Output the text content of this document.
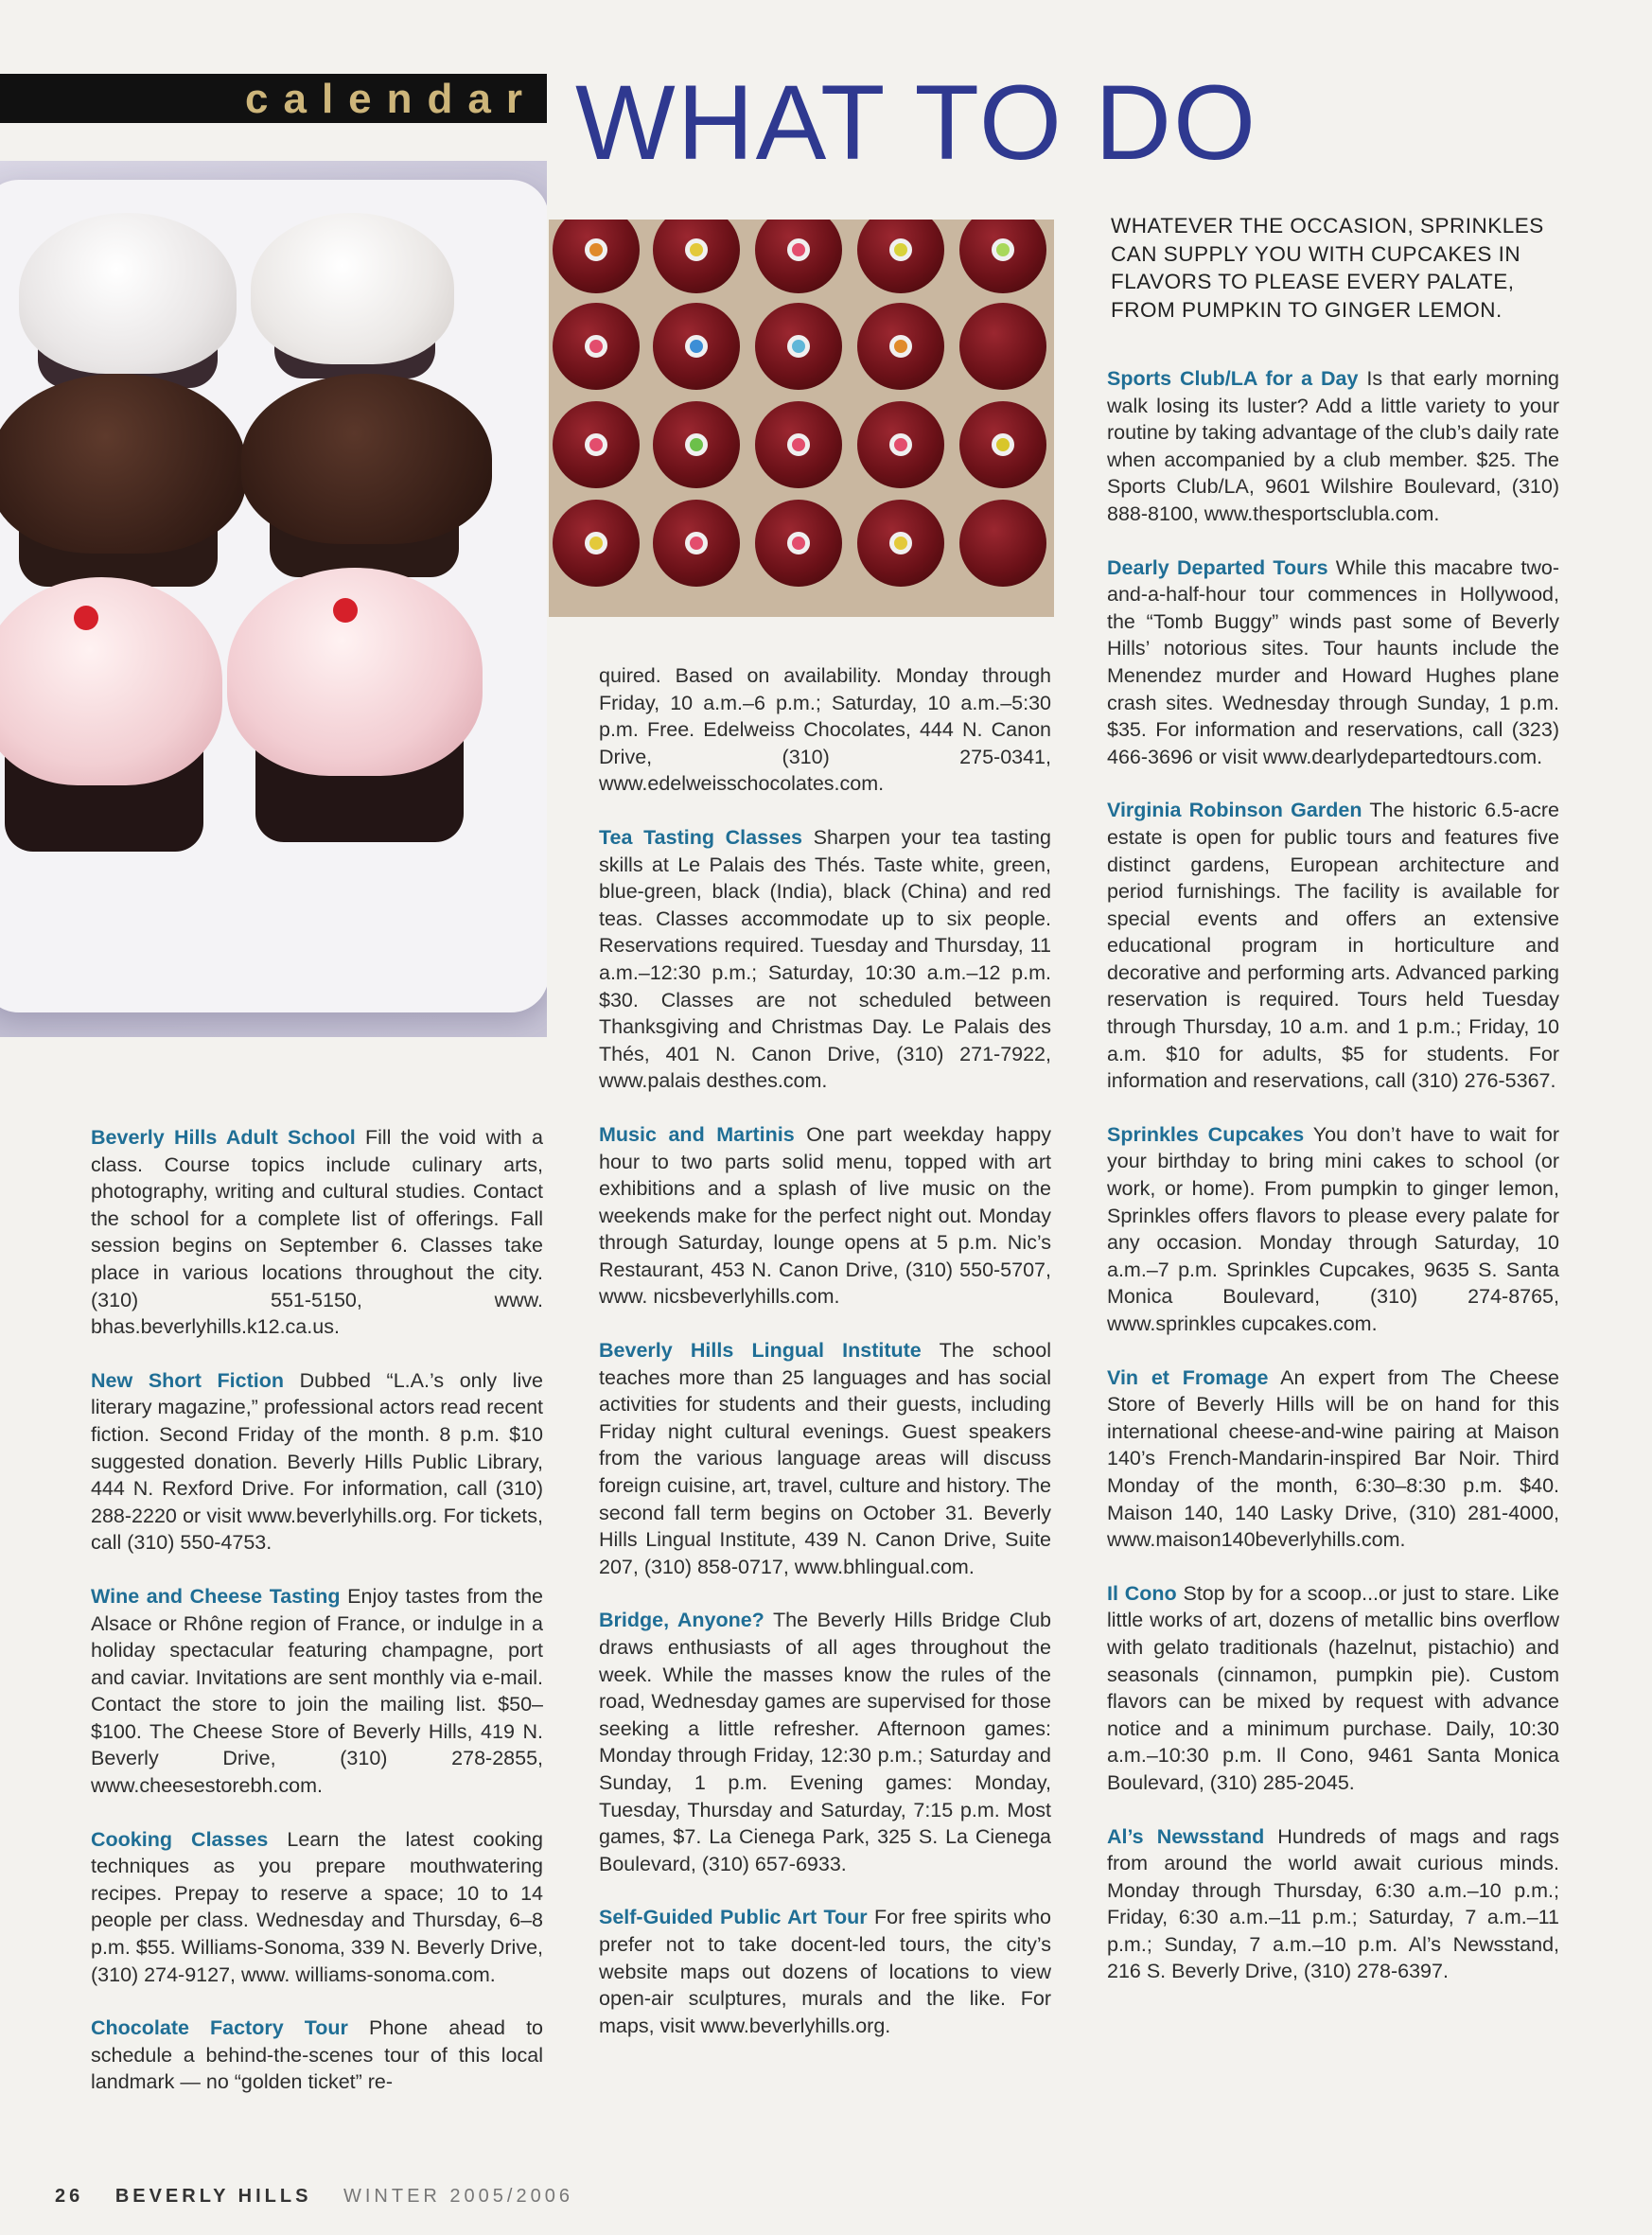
calendar WHAT TO DO
WHATEVER THE OCCASION, SPRINKLES CAN SUPPLY YOU WITH CUPCAKES IN FLAVORS TO PLEASE EVERY PALATE, FROM PUMPKIN TO GINGER LEMON.

Beverly Hills Adult School Fill the void with a class. Course topics include culinary arts, photography, writing and cultural studies. Contact the school for a complete list of offerings. Fall session begins on September 6. Classes take place in various locations throughout the city. (310) 551-5150, www. bhas.beverlyhills.k12.ca.us.

New Short Fiction Dubbed “L.A.’s only live literary magazine,” professional actors read recent fiction. Second Friday of the month. 8 p.m. $10 suggested donation. Beverly Hills Public Library, 444 N. Rexford Drive. For information, call (310) 288-2220 or visit www.beverlyhills.org. For tickets, call (310) 550-4753.

Wine and Cheese Tasting Enjoy tastes from the Alsace or Rhône region of France, or indulge in a holiday spectacular featuring champagne, port and caviar. Invitations are sent monthly via e-mail. Contact the store to join the mailing list. $50–$100. The Cheese Store of Beverly Hills, 419 N. Beverly Drive, (310) 278-2855, www.cheesestorebh.com.

Cooking Classes Learn the latest cooking techniques as you prepare mouthwatering recipes. Prepay to reserve a space; 10 to 14 people per class. Wednesday and Thursday, 6–8 p.m. $55. Williams-Sonoma, 339 N. Beverly Drive, (310) 274-9127, www. williams-sonoma.com.

Chocolate Factory Tour Phone ahead to schedule a behind-the-scenes tour of this local landmark — no “golden ticket” re-

quired. Based on availability. Monday through Friday, 10 a.m.–6 p.m.; Saturday, 10 a.m.–5:30 p.m. Free. Edelweiss Chocolates, 444 N. Canon Drive, (310) 275-0341, www.edelweisschocolates.com.

Tea Tasting Classes Sharpen your tea tasting skills at Le Palais des Thés. Taste white, green, blue-green, black (India), black (China) and red teas. Classes accommodate up to six people. Reservations required. Tuesday and Thursday, 11 a.m.–12:30 p.m.; Saturday, 10:30 a.m.–12 p.m. $30. Classes are not scheduled between Thanksgiving and Christmas Day. Le Palais des Thés, 401 N. Canon Drive, (310) 271-7922, www.palais desthes.com.

Music and Martinis One part weekday happy hour to two parts solid menu, topped with art exhibitions and a splash of live music on the weekends make for the perfect night out. Monday through Saturday, lounge opens at 5 p.m. Nic’s Restaurant, 453 N. Canon Drive, (310) 550-5707, www. nicsbeverlyhills.com.

Beverly Hills Lingual Institute The school teaches more than 25 languages and has social activities for students and their guests, including Friday night cultural evenings. Guest speakers from the various language areas will discuss foreign cuisine, art, travel, culture and history. The second fall term begins on October 31. Beverly Hills Lingual Institute, 439 N. Canon Drive, Suite 207, (310) 858-0717, www.bhlingual.com.

Bridge, Anyone? The Beverly Hills Bridge Club draws enthusiasts of all ages throughout the week. While the masses know the rules of the road, Wednesday games are supervised for those seeking a little refresher. Afternoon games: Monday through Friday, 12:30 p.m.; Saturday and Sunday, 1 p.m. Evening games: Monday, Tuesday, Thursday and Saturday, 7:15 p.m. Most games, $7. La Cienega Park, 325 S. La Cienega Boulevard, (310) 657-6933.

Self-Guided Public Art Tour For free spirits who prefer not to take docent-led tours, the city’s website maps out dozens of locations to view open-air sculptures, murals and the like. For maps, visit www.beverlyhills.org.

Sports Club/LA for a Day Is that early morning walk losing its luster? Add a little variety to your routine by taking advantage of the club’s daily rate when accompanied by a club member. $25. The Sports Club/LA, 9601 Wilshire Boulevard, (310) 888-8100, www.thesportsclubla.com.

Dearly Departed Tours While this macabre two-and-a-half-hour tour commences in Hollywood, the “Tomb Buggy” winds past some of Beverly Hills’ notorious sites. Tour haunts include the Menendez murder and Howard Hughes plane crash sites. Wednesday through Sunday, 1 p.m. $35. For information and reservations, call (323) 466-3696 or visit www.dearlydepartedtours.com.

Virginia Robinson Garden The historic 6.5-acre estate is open for public tours and features five distinct gardens, European architecture and period furnishings. The facility is available for special events and offers an extensive educational program in horticulture and decorative and performing arts. Advanced parking reservation is required. Tours held Tuesday through Thursday, 10 a.m. and 1 p.m.; Friday, 10 a.m. $10 for adults, $5 for students. For information and reservations, call (310) 276-5367.

Sprinkles Cupcakes You don’t have to wait for your birthday to bring mini cakes to school (or work, or home). From pumpkin to ginger lemon, Sprinkles offers flavors to please every palate for any occasion. Monday through Saturday, 10 a.m.–7 p.m. Sprinkles Cupcakes, 9635 S. Santa Monica Boulevard, (310) 274-8765, www.sprinkles cupcakes.com.

Vin et Fromage An expert from The Cheese Store of Beverly Hills will be on hand for this international cheese-and-wine pairing at Maison 140’s French-Mandarin-inspired Bar Noir. Third Monday of the month, 6:30–8:30 p.m. $40. Maison 140, 140 Lasky Drive, (310) 281-4000, www.maison140beverlyhills.com.

Il Cono Stop by for a scoop...or just to stare. Like little works of art, dozens of metallic bins overflow with gelato traditionals (hazelnut, pistachio) and seasonals (cinnamon, pumpkin pie). Custom flavors can be mixed by request with advance notice and a minimum purchase. Daily, 10:30 a.m.–10:30 p.m. Il Cono, 9461 Santa Monica Boulevard, (310) 285-2045.

Al’s Newsstand Hundreds of mags and rags from around the world await curious minds. Monday through Thursday, 6:30 a.m.–10 p.m.; Friday, 6:30 a.m.–11 p.m.; Saturday, 7 a.m.–11 p.m.; Sunday, 7 a.m.–10 p.m. Al’s Newsstand, 216 S. Beverly Drive, (310) 278-6397.

26 BEVERLY HILLS WINTER 2005/2006
